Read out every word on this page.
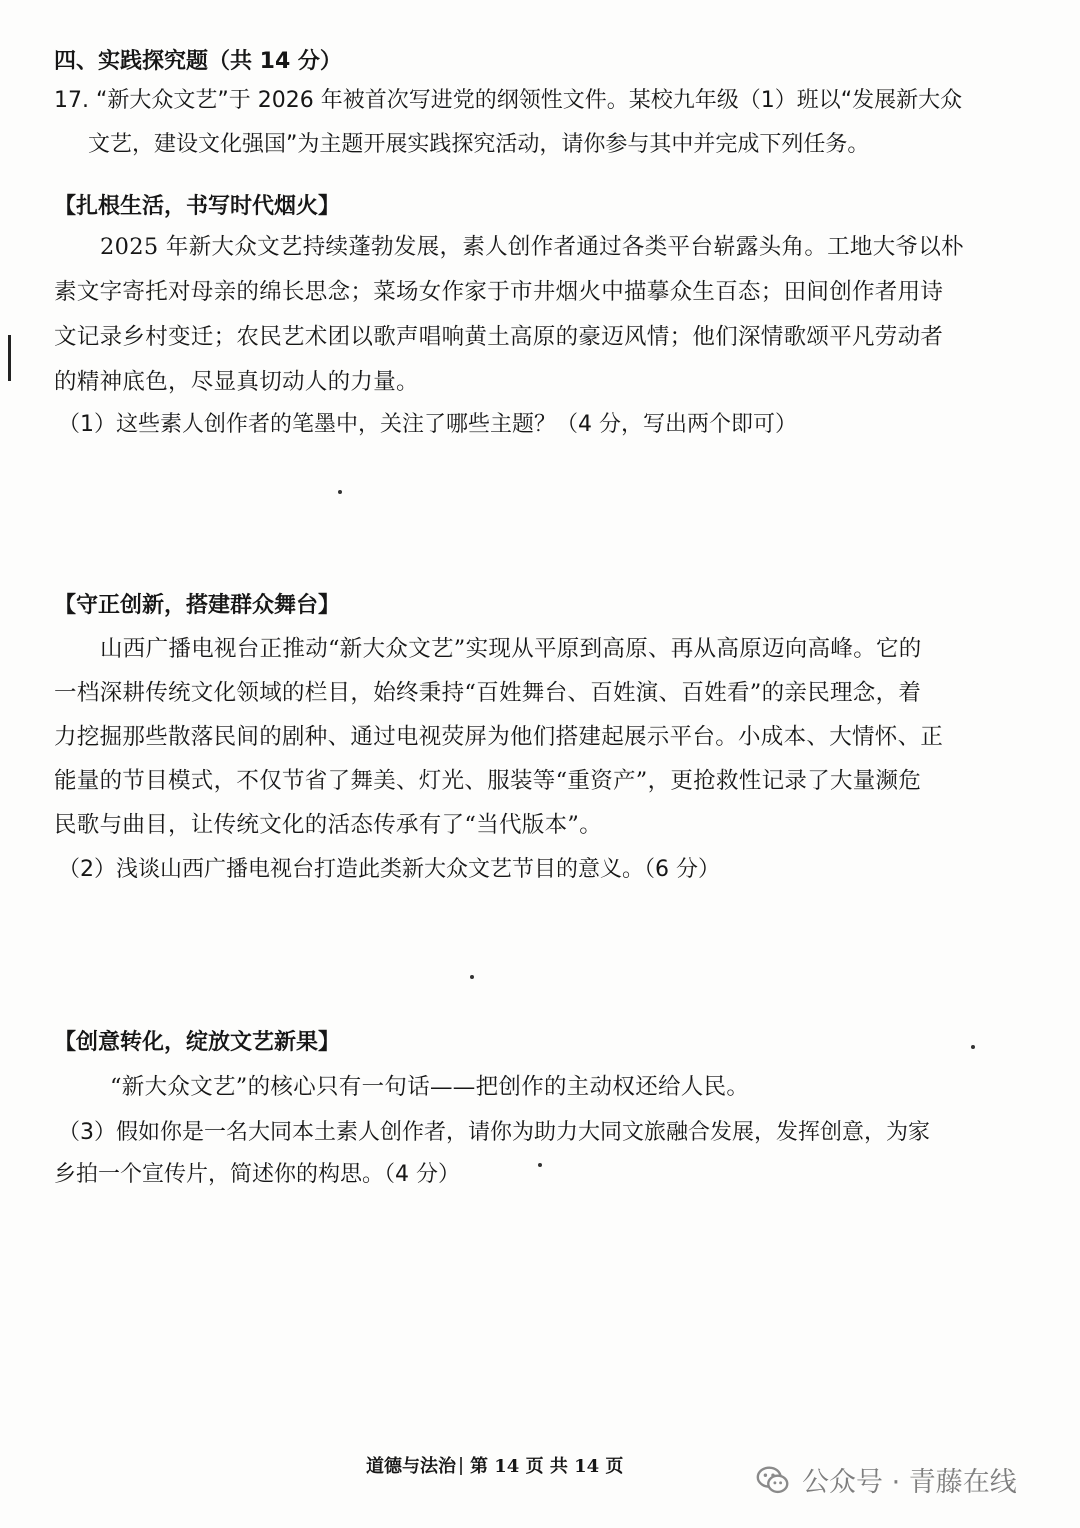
四、实践探究题（共 14 分）
17. “新大众文艺”于 2026 年被首次写进党的纲领性文件。某校九年级（1）班以“发展新大众
文艺，建设文化强国”为主题开展实践探究活动，请你参与其中并完成下列任务。
【扎根生活，书写时代烟火】
2025 年新大众文艺持续蓬勃发展，素人创作者通过各类平台崭露头角。工地大爷以朴
素文字寄托对母亲的绵长思念；菜场女作家于市井烟火中描摹众生百态；田间创作者用诗
文记录乡村变迁；农民艺术团以歌声唱响黄土高原的豪迈风情；他们深情歌颂平凡劳动者
的精神底色，尽显真切动人的力量。
（1）这些素人创作者的笔墨中，关注了哪些主题？（4 分，写出两个即可）
【守正创新，搭建群众舞台】
山西广播电视台正推动“新大众文艺”实现从平原到高原、再从高原迈向高峰。它的
一档深耕传统文化领域的栏目，始终秉持“百姓舞台、百姓演、百姓看”的亲民理念，着
力挖掘那些散落民间的剧种、通过电视荧屏为他们搭建起展示平台。小成本、大情怀、正
能量的节目模式，不仅节省了舞美、灯光、服装等“重资产”，更抢救性记录了大量濒危
民歌与曲目，让传统文化的活态传承有了“当代版本”。
（2）浅谈山西广播电视台打造此类新大众文艺节目的意义。（6 分）
【创意转化，绽放文艺新果】
“新大众文艺”的核心只有一句话——把创作的主动权还给人民。
（3）假如你是一名大同本土素人创作者，请你为助力大同文旅融合发展，发挥创意，为家
乡拍一个宣传片，简述你的构思。（4 分）
道德与法治 第 14 页 共 14 页
公众号 · 青藤在线
